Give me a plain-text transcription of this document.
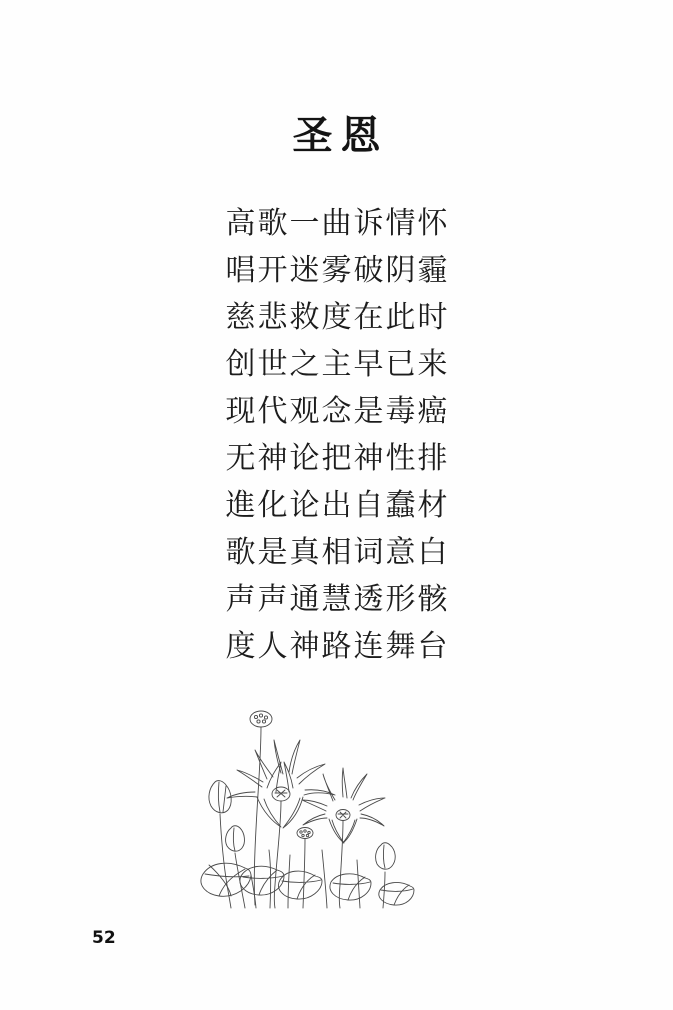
圣恩
高歌一曲诉情怀
唱开迷雾破阴霾
慈悲救度在此时
创世之主早已来
现代观念是毒癌
无神论把神性排
進化论出自蠢材
歌是真相词意白
声声通慧透形骸
度人神路连舞台
52
